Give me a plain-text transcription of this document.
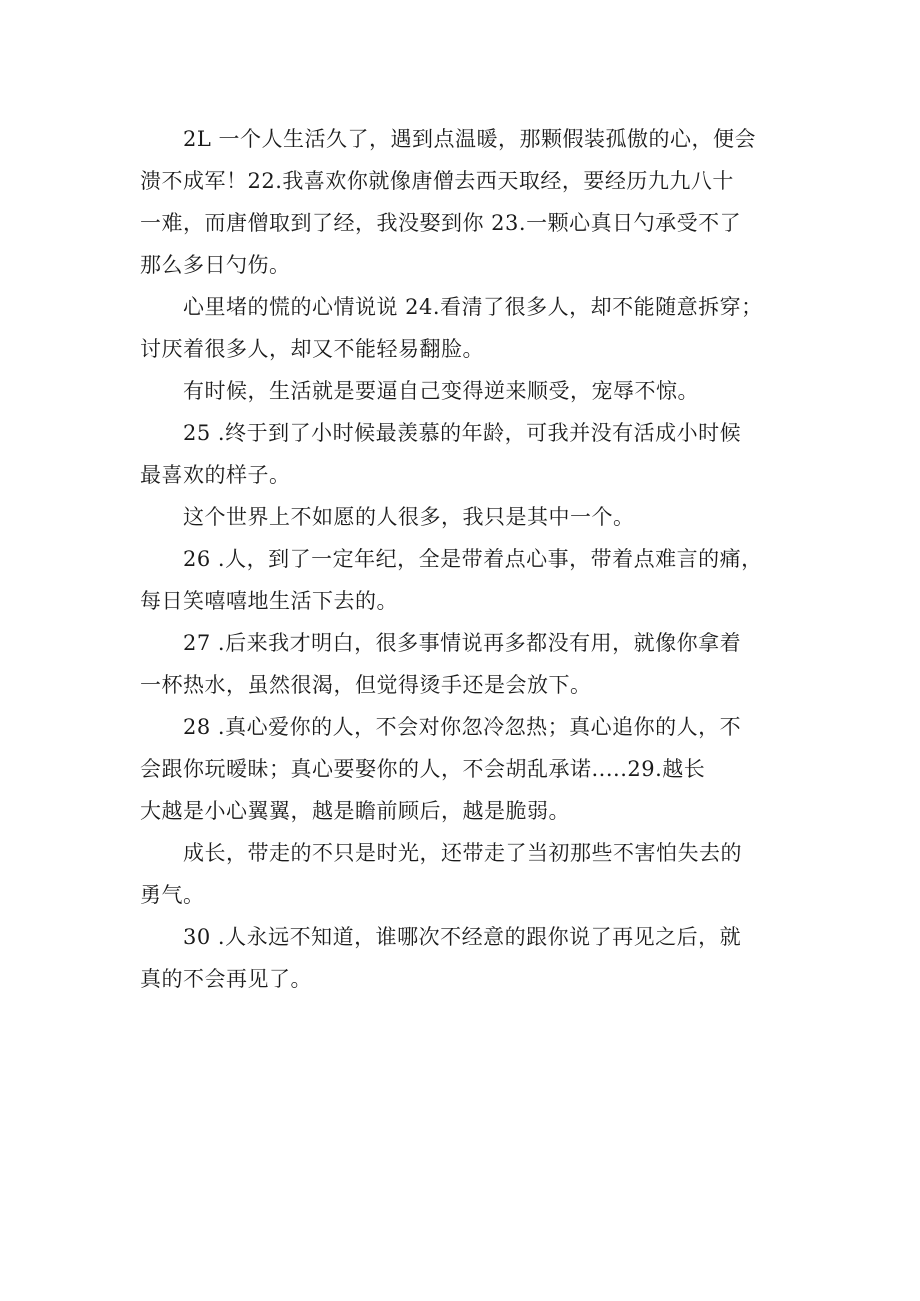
2L 一个人生活久了，遇到点温暖，那颗假装孤傲的心，便会
溃不成军！22.我喜欢你就像唐僧去西天取经，要经历九九八十
一难，而唐僧取到了经，我没娶到你 23.一颗心真日勺承受不了
那么多日勺伤。
心里堵的慌的心情说说 24.看清了很多人，却不能随意拆穿；
讨厌着很多人，却又不能轻易翻脸。
有时候，生活就是要逼自己变得逆来顺受，宠辱不惊。
25 .终于到了小时候最羡慕的年龄，可我并没有活成小时候
最喜欢的样子。
这个世界上不如愿的人很多，我只是其中一个。
26 .人，到了一定年纪，全是带着点心事，带着点难言的痛，
每日笑嘻嘻地生活下去的。
27 .后来我才明白，很多事情说再多都没有用，就像你拿着
一杯热水，虽然很渴，但觉得烫手还是会放下。
28 .真心爱你的人，不会对你忽冷忽热；真心追你的人，不
会跟你玩暧昧；真心要娶你的人，不会胡乱承诺.....29.越长
大越是小心翼翼，越是瞻前顾后，越是脆弱。
成长，带走的不只是时光，还带走了当初那些不害怕失去的
勇气。
30 .人永远不知道，谁哪次不经意的跟你说了再见之后，就
真的不会再见了。
